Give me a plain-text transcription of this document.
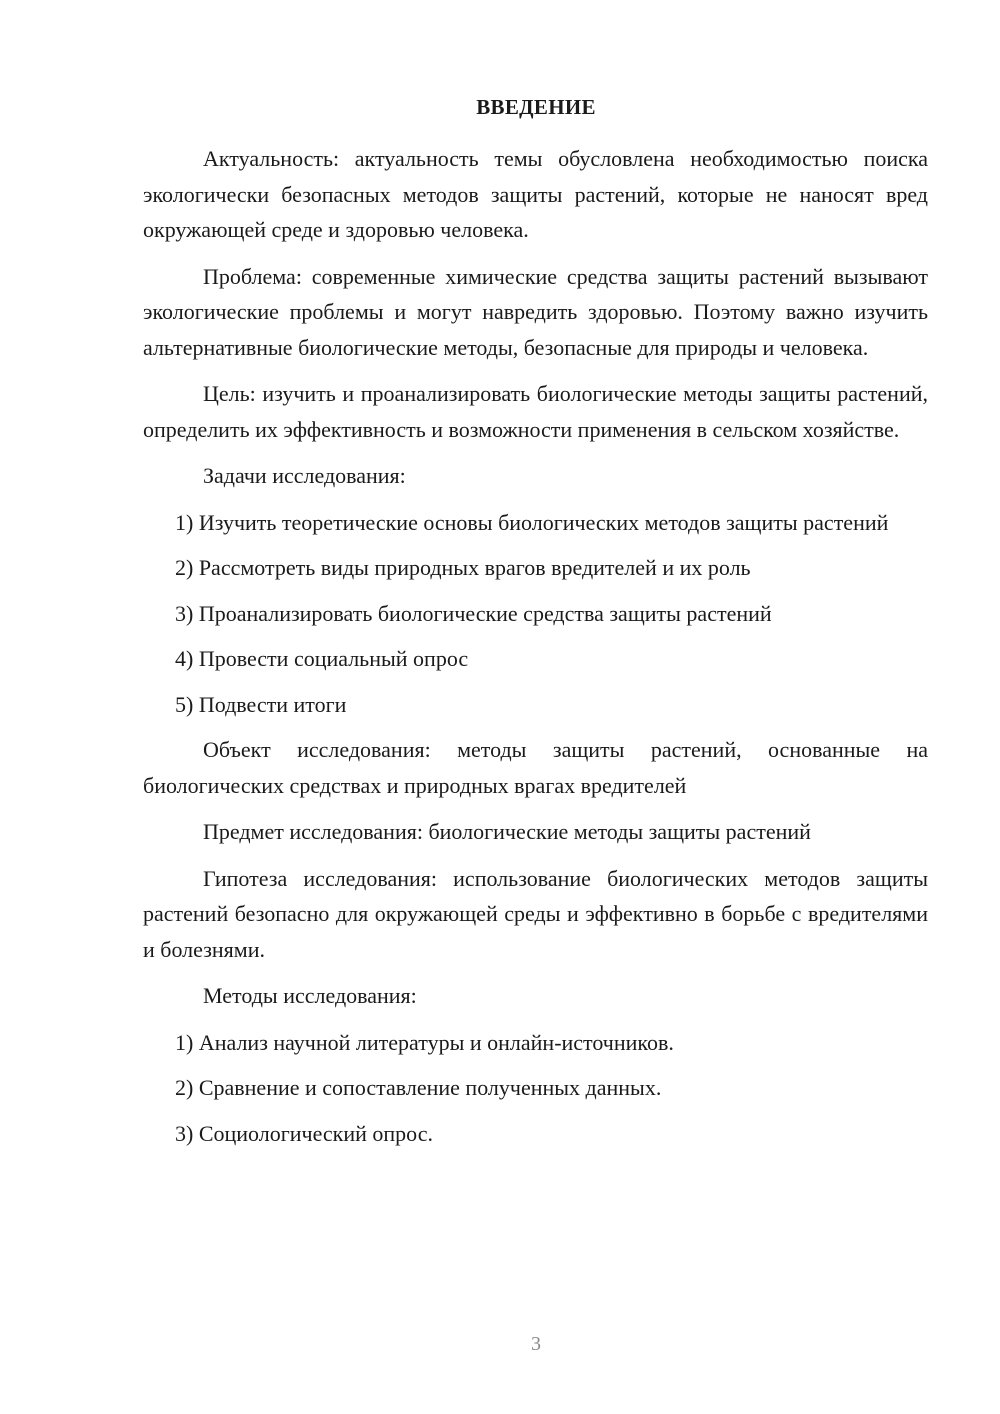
ВВЕДЕНИЕ

Актуальность: актуальность темы обусловлена необходимостью поиска экологически безопасных методов защиты растений, которые не наносят вред окружающей среде и здоровью человека.

Проблема: современные химические средства защиты растений вызывают экологические проблемы и могут навредить здоровью. Поэтому важно изучить альтернативные биологические методы, безопасные для природы и человека.

Цель: изучить и проанализировать биологические методы защиты растений, определить их эффективность и возможности применения в сельском хозяйстве.

Задачи исследования:

1) Изучить теоретические основы биологических методов защиты растений

2) Рассмотреть виды природных врагов вредителей и их роль

3) Проанализировать биологические средства защиты растений

4) Провести социальный опрос

5) Подвести итоги

Объект исследования: методы защиты растений, основанные на биологических средствах и природных врагах вредителей

Предмет исследования: биологические методы защиты растений

Гипотеза исследования: использование биологических методов защиты растений безопасно для окружающей среды и эффективно в борьбе с вредителями и болезнями.

Методы исследования:

1) Анализ научной литературы и онлайн-источников.

2) Сравнение и сопоставление полученных данных.

3) Социологический опрос.

3
